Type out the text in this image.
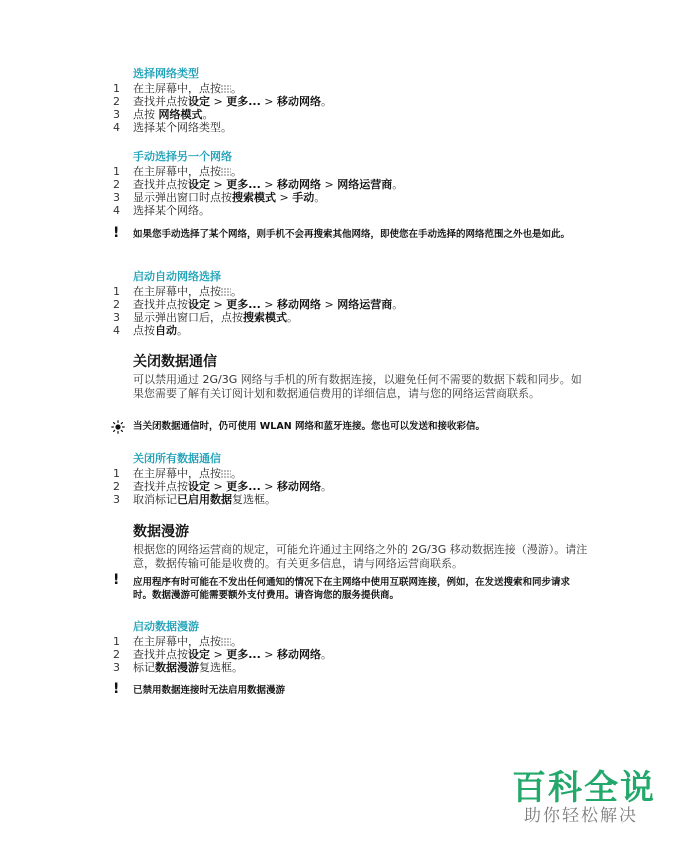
选择网络类型
1 在主屏幕中，点按 。
2 查找并点按设定 > 更多... > 移动网络。
3 点按 网络模式。
4 选择某个网络类型。
手动选择另一个网络
1 在主屏幕中，点按 。
2 查找并点按设定 > 更多... > 移动网络 > 网络运营商。
3 显示弹出窗口时点按搜索模式 > 手动。
4 选择某个网络。
! 如果您手动选择了某个网络，则手机不会再搜索其他网络，即使您在手动选择的网络范围之外也是如此。
启动自动网络选择
1 在主屏幕中，点按 。
2 查找并点按设定 > 更多... > 移动网络 > 网络运营商。
3 显示弹出窗口后，点按搜索模式。
4 点按自动。
关闭数据通信
可以禁用通过 2G/3G 网络与手机的所有数据连接，以避免任何不需要的数据下载和同步。如果您需要了解有关订阅计划和数据通信费用的详细信息，请与您的网络运营商联系。
当关闭数据通信时，仍可使用 WLAN 网络和蓝牙连接。您也可以发送和接收彩信。
关闭所有数据通信
1 在主屏幕中，点按 。
2 查找并点按设定 > 更多... > 移动网络。
3 取消标记已启用数据复选框。
数据漫游
根据您的网络运营商的规定，可能允许通过主网络之外的 2G/3G 移动数据连接（漫游）。请注意，数据传输可能是收费的。有关更多信息，请与网络运营商联系。
! 应用程序有时可能在不发出任何通知的情况下在主网络中使用互联网连接，例如，在发送搜索和同步请求时。数据漫游可能需要额外支付费用。请咨询您的服务提供商。
启动数据漫游
1 在主屏幕中，点按 。
2 查找并点按设定 > 更多... > 移动网络。
3 标记数据漫游复选框。
! 已禁用数据连接时无法启用数据漫游
百科全说
助你轻松解决
